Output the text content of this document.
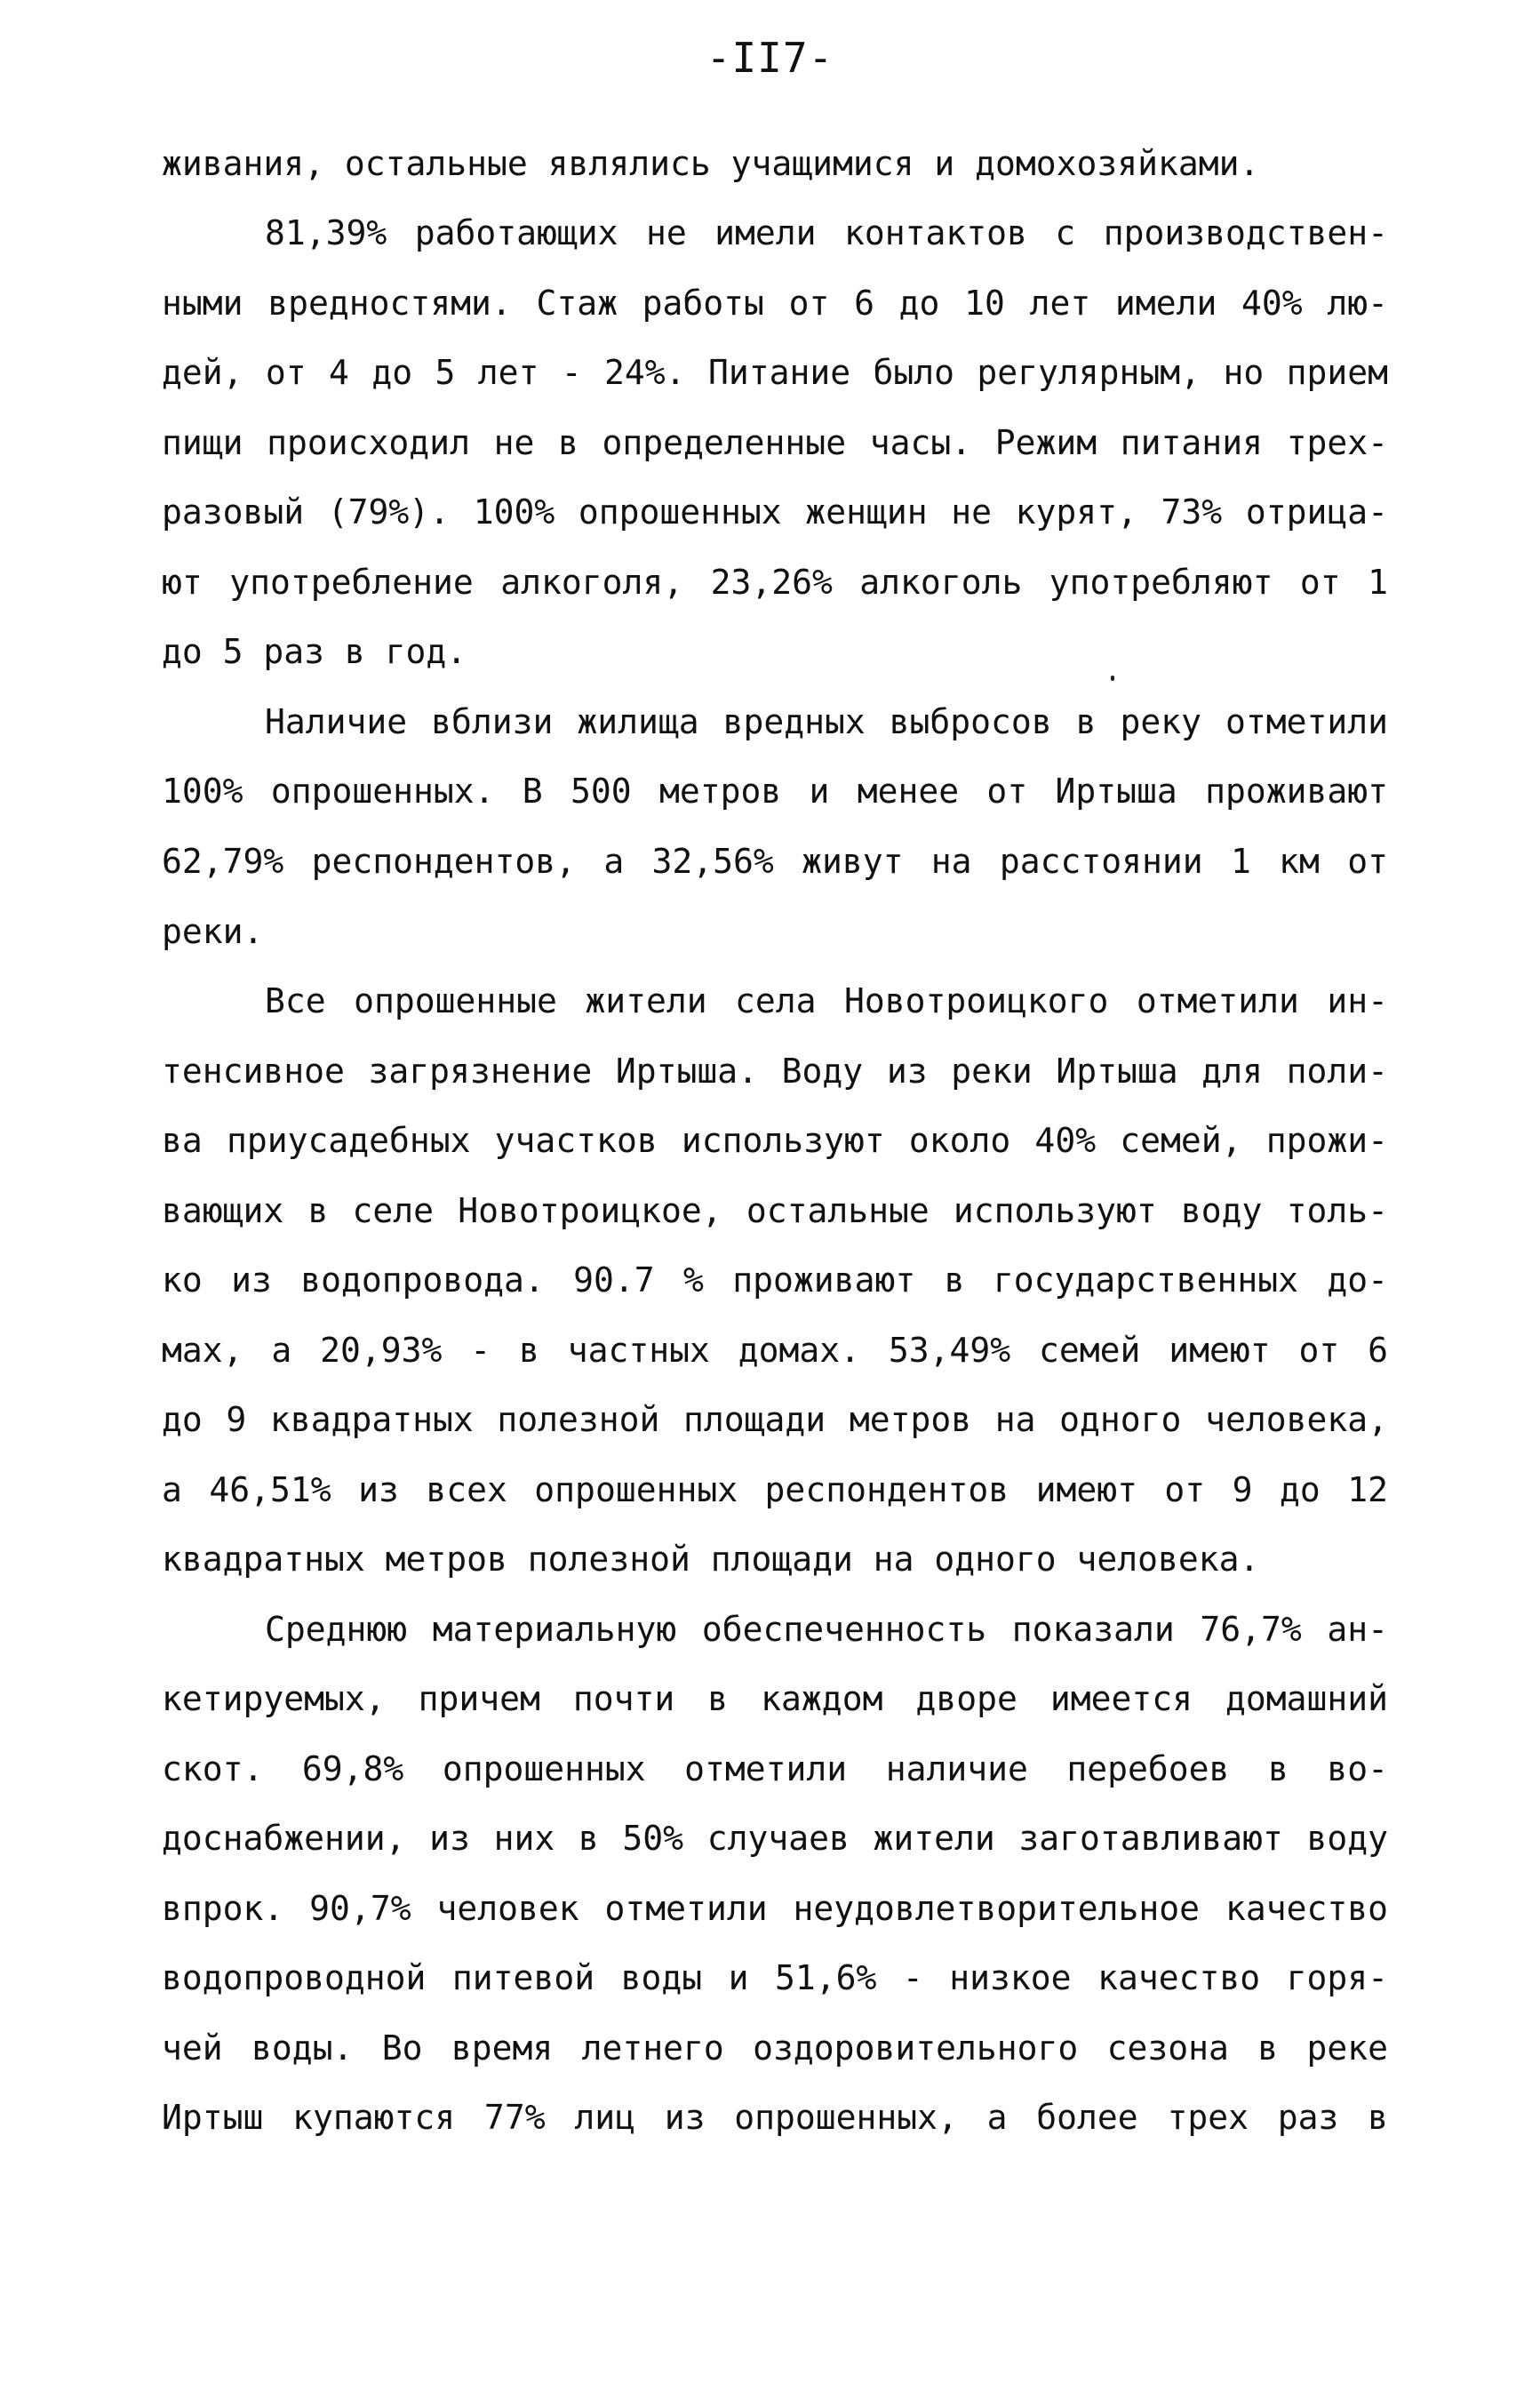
-II7-
живания, остальные являлись учащимися и домохозяйками.
81,39% работающих не имели контактов с производствен-
ными вредностями. Стаж работы от 6 до 10 лет имели 40% лю-
дей, от 4 до 5 лет - 24%. Питание было регулярным, но прием
пищи происходил не в определенные часы. Режим питания трех-
разовый (79%). 100% опрошенных женщин не курят, 73% отрица-
ют употребление алкоголя, 23,26% алкоголь употребляют от 1
до 5 раз в год.
Наличие вблизи жилища вредных выбросов в реку отметили
100% опрошенных. В 500 метров и менее от Иртыша проживают
62,79% респондентов, а 32,56% живут на расстоянии 1 км от
реки.
Все опрошенные жители села Новотроицкого отметили ин-
тенсивное загрязнение Иртыша. Воду из реки Иртыша для поли-
ва приусадебных участков используют около 40% семей, прожи-
вающих в селе Новотроицкое, остальные используют воду толь-
ко из водопровода. 90.7 % проживают в государственных до-
мах, а 20,93% - в частных домах. 53,49% семей имеют от 6
до 9 квадратных полезной площади метров на одного человека,
а 46,51% из всех опрошенных респондентов имеют от 9 до 12
квадратных метров полезной площади на одного человека.
Среднюю материальную обеспеченность показали 76,7% ан-
кетируемых, причем почти в каждом дворе имеется домашний
скот. 69,8% опрошенных отметили наличие перебоев в во-
доснабжении, из них в 50% случаев жители заготавливают воду
впрок. 90,7% человек отметили неудовлетворительное качество
водопроводной питевой воды и 51,6% - низкое качество горя-
чей воды. Во время летнего оздоровительного сезона в реке
Иртыш купаются 77% лиц из опрошенных, а более трех раз в
